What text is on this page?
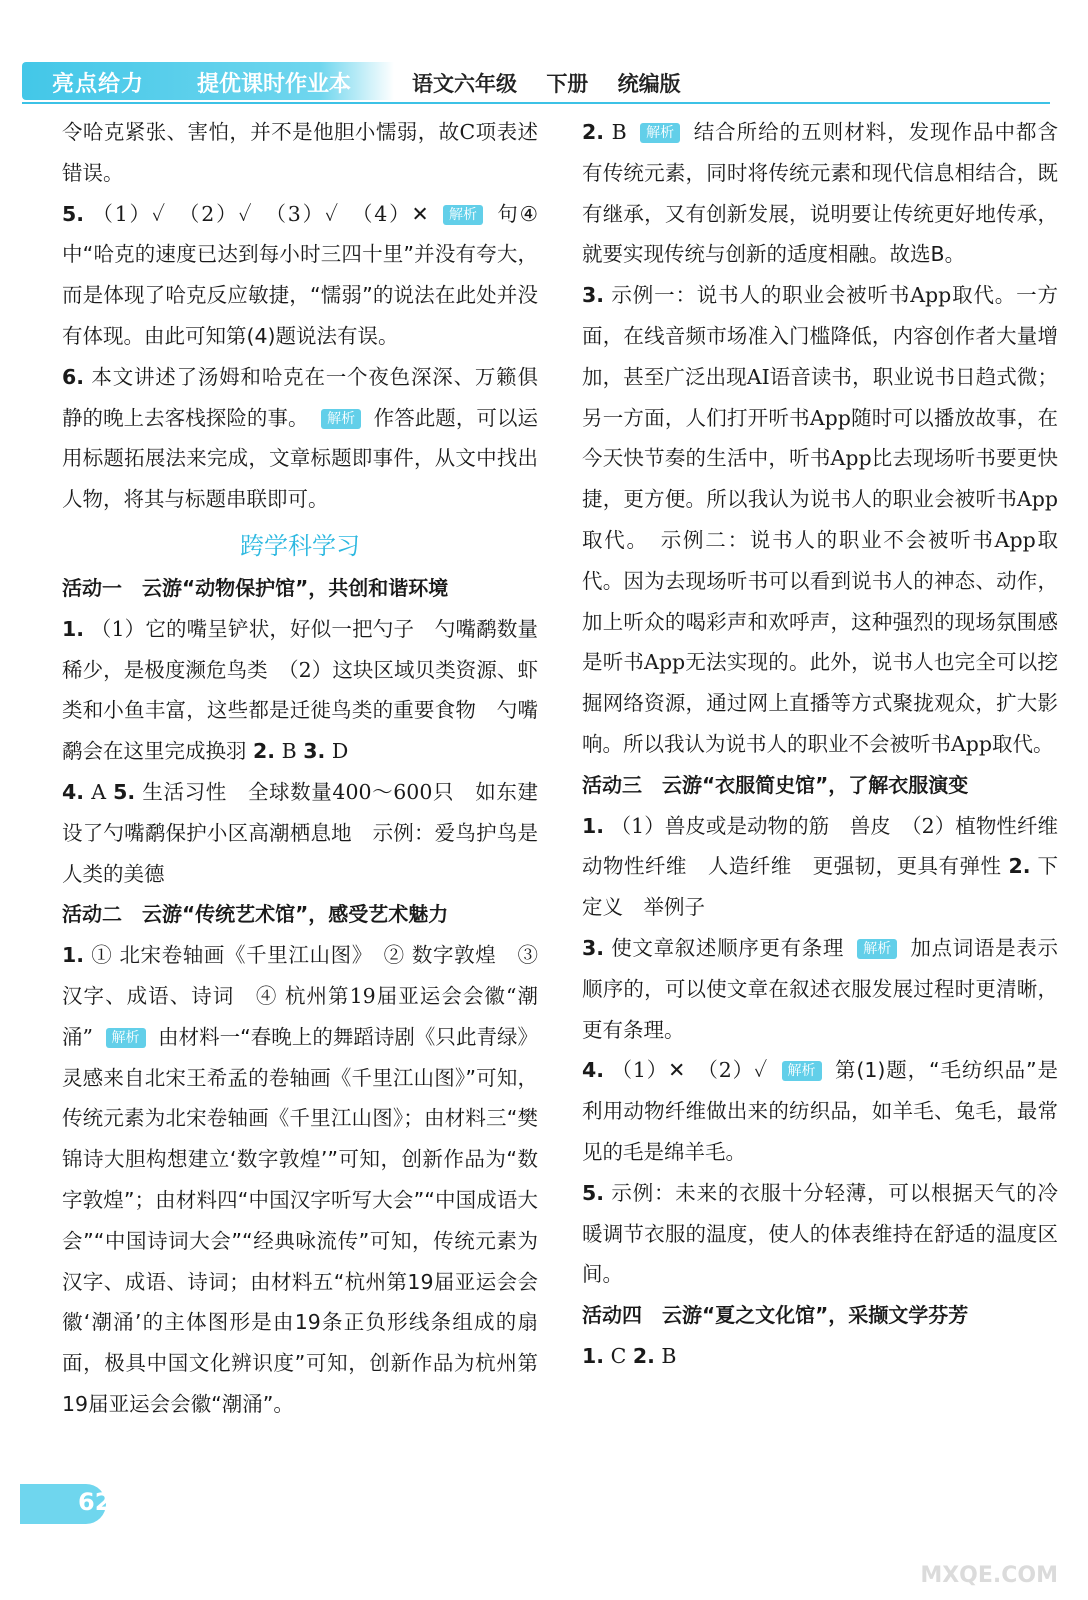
亮点给力 提优课时作业本	语文六年级 下册 统编版

令哈克紧张、害怕，并不是他胆小懦弱，故C项表述错误。

5. （1）✓　（2）✓　（3）✓　（4）✕ 解析 句④中“哈克的速度已达到每小时三四十里”并没有夸大，而是体现了哈克反应敏捷，“懦弱”的说法在此处并没有体现。由此可知第(4)题说法有误。

6. 本文讲述了汤姆和哈克在一个夜色深深、万籁俱静的晚上去客栈探险的事。 解析 作答此题，可以运用标题拓展法来完成，文章标题即事件，从文中找出人物，将其与标题串联即可。

跨学科学习

活动一　云游“动物保护馆”，共创和谐环境

1. （1）它的嘴呈铲状，好似一把勺子　勺嘴鹬数量稀少，是极度濒危鸟类　（2）这块区域贝类资源、虾类和小鱼丰富，这些都是迁徙鸟类的重要食物　勺嘴鹬会在这里完成换羽 2. B 3. D

4. A 5. 生活习性　全球数量400～600只　如东建设了勺嘴鹬保护小区高潮栖息地　示例：爱鸟护鸟是人类的美德

活动二　云游“传统艺术馆”，感受艺术魅力

1. ① 北宋卷轴画《千里江山图》　② 数字敦煌　③ 汉字、成语、诗词　④ 杭州第19届亚运会会徽“潮涌” 解析 由材料一“春晚上的舞蹈诗剧《只此青绿》灵感来自北宋王希孟的卷轴画《千里江山图》”可知，传统元素为北宋卷轴画《千里江山图》；由材料三“樊锦诗大胆构想建立‘数字敦煌’”可知，创新作品为“数字敦煌”；由材料四“中国汉字听写大会”“中国成语大会”“中国诗词大会”“经典咏流传”可知，传统元素为汉字、成语、诗词；由材料五“杭州第19届亚运会会徽‘潮涌’的主体图形是由19条正负形线条组成的扇面，极具中国文化辨识度”可知，创新作品为杭州第19届亚运会会徽“潮涌”。

2. B 解析 结合所给的五则材料，发现作品中都含有传统元素，同时将传统元素和现代信息相结合，既有继承，又有创新发展，说明要让传统更好地传承，就要实现传统与创新的适度相融。故选B。

3. 示例一：说书人的职业会被听书App取代。一方面，在线音频市场准入门槛降低，内容创作者大量增加，甚至广泛出现AI语音读书，职业说书日趋式微；另一方面，人们打开听书App随时可以播放故事，在今天快节奏的生活中，听书App比去现场听书要更快捷，更方便。所以我认为说书人的职业会被听书App取代。　示例二：说书人的职业不会被听书App取代。因为去现场听书可以看到说书人的神态、动作，加上听众的喝彩声和欢呼声，这种强烈的现场氛围感是听书App无法实现的。此外，说书人也完全可以挖掘网络资源，通过网上直播等方式聚拢观众，扩大影响。所以我认为说书人的职业不会被听书App取代。

活动三　云游“衣服简史馆”，了解衣服演变

1. （1）兽皮或是动物的筋　兽皮　（2）植物性纤维　动物性纤维　人造纤维　更强韧，更具有弹性 2. 下定义　举例子

3. 使文章叙述顺序更有条理 解析 加点词语是表示顺序的，可以使文章在叙述衣服发展过程时更清晰，更有条理。

4. （1）✕　（2）✓ 解析 第(1)题，“毛纺织品”是利用动物纤维做出来的纺织品，如羊毛、兔毛，最常见的毛是绵羊毛。

5. 示例：未来的衣服十分轻薄，可以根据天气的冷暖调节衣服的温度，使人的体表维持在舒适的温度区间。

活动四　云游“夏之文化馆”，采撷文学芬芳

1. C 2. B

62
MXQE.COM
